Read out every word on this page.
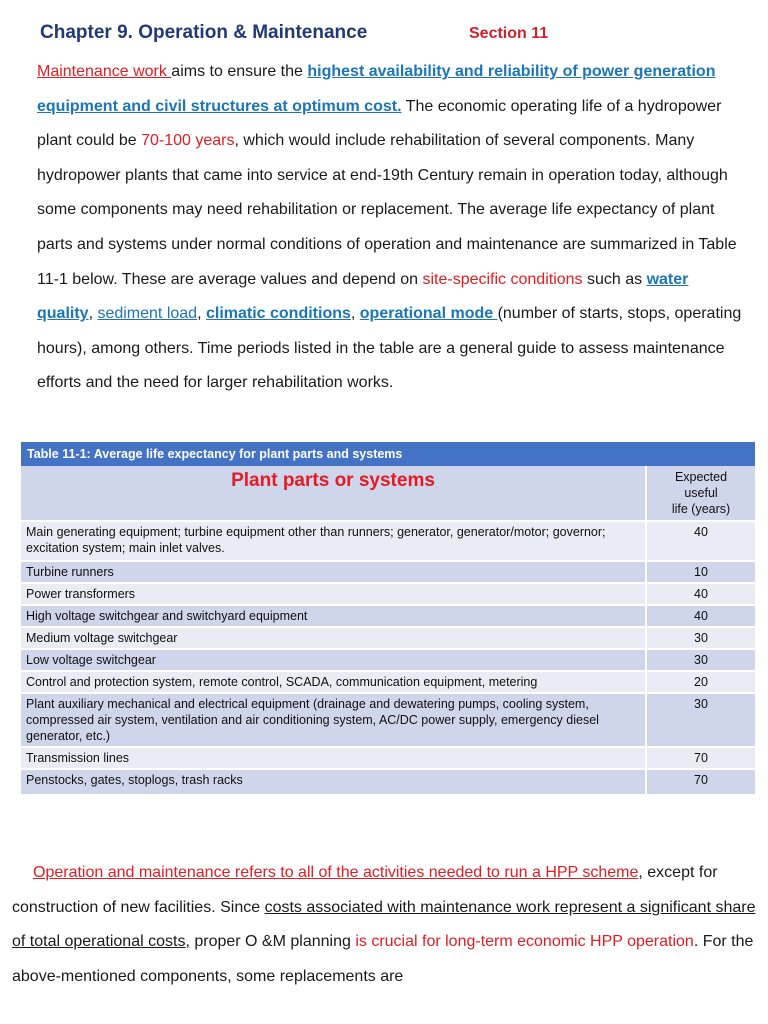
Chapter 9. Operation & Maintenance	Section 11
Maintenance work aims to ensure the highest availability and reliability of power generation equipment and civil structures at optimum cost. The economic operating life of a hydropower plant could be 70-100 years, which would include rehabilitation of several components. Many hydropower plants that came into service at end-19th Century remain in operation today, although some components may need rehabilitation or replacement. The average life expectancy of plant parts and systems under normal conditions of operation and maintenance are summarized in Table 11-1 below. These are average values and depend on site-specific conditions such as water quality, sediment load, climatic conditions, operational mode (number of starts, stops, operating hours), among others. Time periods listed in the table are a general guide to assess maintenance efforts and the need for larger rehabilitation works.
Table 11-1: Average life expectancy for plant parts and systems	
Plant parts or systems	Expected
useful
life (years)
Main generating equipment; turbine equipment other than runners; generator, generator/motor; governor; excitation system; main inlet valves.	40
Turbine runners	10
Power transformers	40
High voltage switchgear and switchyard equipment	40
Medium voltage switchgear	30
Low voltage switchgear	30
Control and protection system, remote control, SCADA, communication equipment, metering	20
Plant auxiliary mechanical and electrical equipment (drainage and dewatering pumps, cooling system, compressed air system, ventilation and air conditioning system, AC/DC power supply, emergency diesel generator, etc.)	30
Transmission lines	70
Penstocks, gates, stoplogs, trash racks	70
Operation and maintenance refers to all of the activities needed to run a HPP scheme, except for construction of new facilities. Since costs associated with maintenance work represent a significant share of total operational costs, proper O &M planning is crucial for long-term economic HPP operation. For the above-mentioned components, some replacements are
